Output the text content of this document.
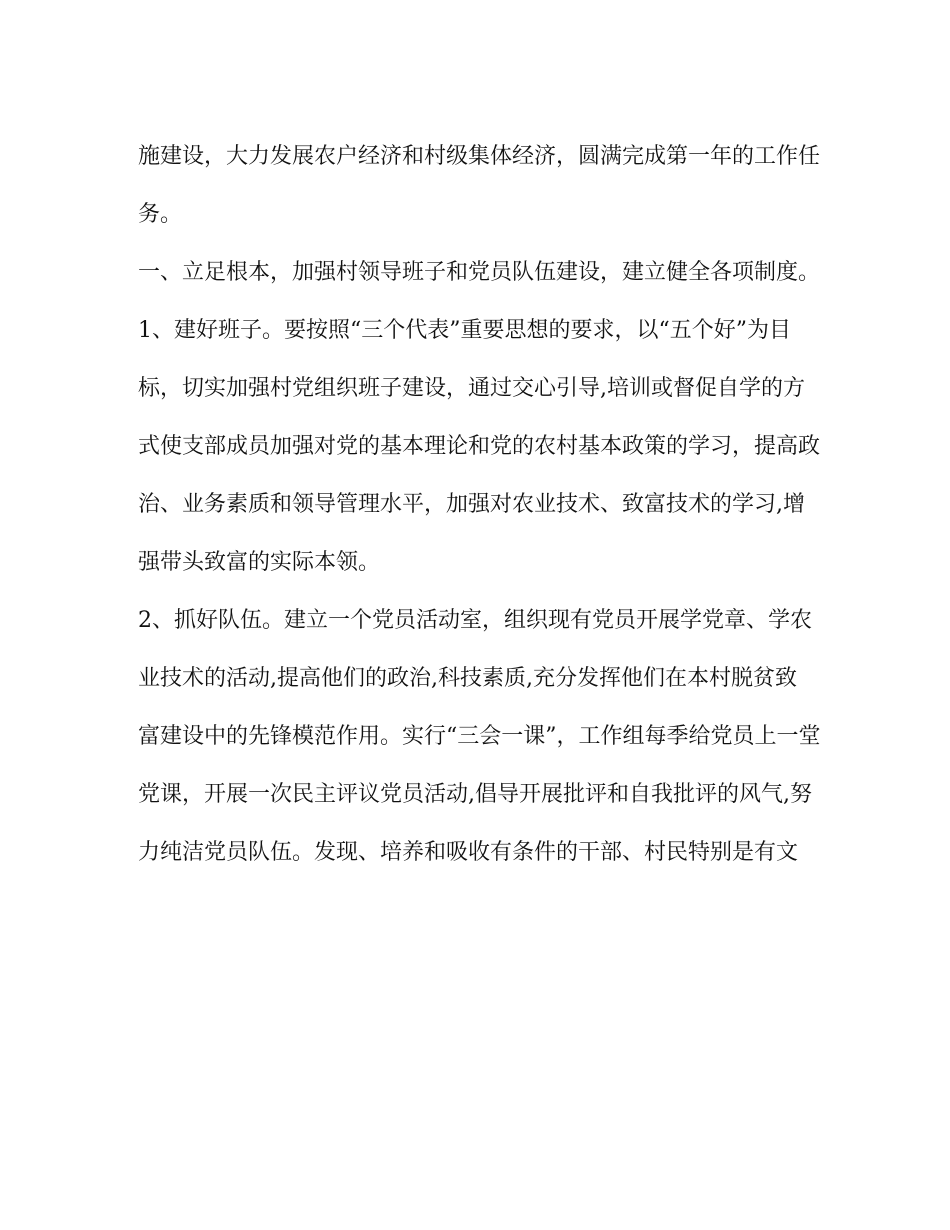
施建设，大力发展农户经济和村级集体经济，圆满完成第一年的工作任
务。
一、立足根本，加强村领导班子和党员队伍建设，建立健全各项制度。
1、建好班子。要按照“三个代表”重要思想的要求，以“五个好”为目
标，切实加强村党组织班子建设，通过交心引导,培训或督促自学的方
式使支部成员加强对党的基本理论和党的农村基本政策的学习，提高政
治、业务素质和领导管理水平，加强对农业技术、致富技术的学习,增
强带头致富的实际本领。
2、抓好队伍。建立一个党员活动室，组织现有党员开展学党章、学农
业技术的活动,提高他们的政治,科技素质,充分发挥他们在本村脱贫致
富建设中的先锋模范作用。实行“三会一课”，工作组每季给党员上一堂
党课，开展一次民主评议党员活动,倡导开展批评和自我批评的风气,努
力纯洁党员队伍。发现、培养和吸收有条件的干部、村民特别是有文
